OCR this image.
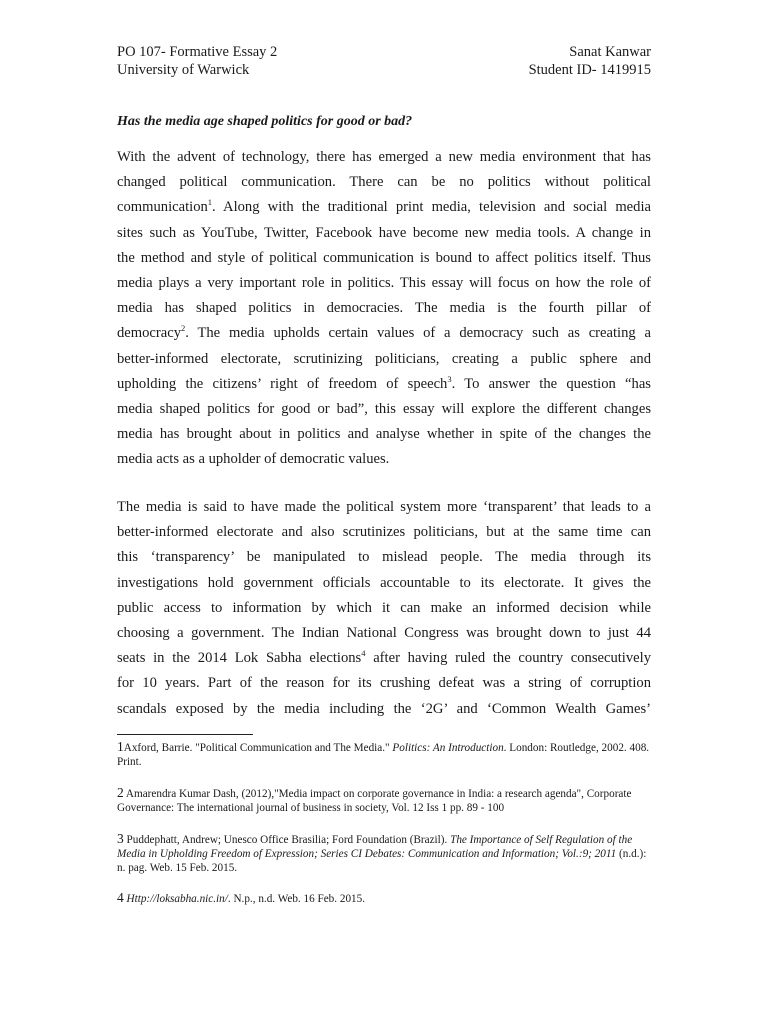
PO 107- Formative Essay 2	Sanat Kanwar
University of Warwick	Student ID- 1419915
Has the media age shaped politics for good or bad?
With the advent of technology, there has emerged a new media environment that has
changed political communication. There can be no politics without political
communication$^1$. Along with the traditional print media, television and social media
sites such as YouTube, Twitter, Facebook have become new media tools. A change in
the method and style of political communication is bound to affect politics itself. Thus
media plays a very important role in politics. This essay will focus on how the role of
media has shaped politics in democracies. The media is the fourth pillar of
democracy$^2$. The media upholds certain values of a democracy such as creating a
better-informed electorate, scrutinizing politicians, creating a public sphere and
upholding the citizens’ right of freedom of speech$^3$. To answer the question “has
media shaped politics for good or bad”, this essay will explore the different changes
media has brought about in politics and analyse whether in spite of the changes the
media acts as a upholder of democratic values.
The media is said to have made the political system more ‘transparent’ that leads to a
better-informed electorate and also scrutinizes politicians, but at the same time can
this ‘transparency’ be manipulated to mislead people. The media through its
investigations hold government officials accountable to its electorate. It gives the
public access to information by which it can make an informed decision while
choosing a government. The Indian National Congress was brought down to just 44
seats in the 2014 Lok Sabha elections$^4$ after having ruled the country consecutively
for 10 years. Part of the reason for its crushing defeat was a string of corruption
scandals exposed by the media including the ‘2G’ and ‘Common Wealth Games’
1Axford, Barrie. "Political Communication and The Media." Politics: An Introduction. London: Routledge, 2002. 408. Print.
2 Amarendra Kumar Dash, (2012),"Media impact on corporate governance in India: a research agenda", Corporate Governance: The international journal of business in society, Vol. 12 Iss 1 pp. 89 - 100
3 Puddephatt, Andrew; Unesco Office Brasilia; Ford Foundation (Brazil). The Importance of Self Regulation of the Media in Upholding Freedom of Expression; Series CI Debates: Communication and Information; Vol.:9; 2011 (n.d.): n. pag. Web. 15 Feb. 2015.
4 Http://loksabha.nic.in/. N.p., n.d. Web. 16 Feb. 2015.
